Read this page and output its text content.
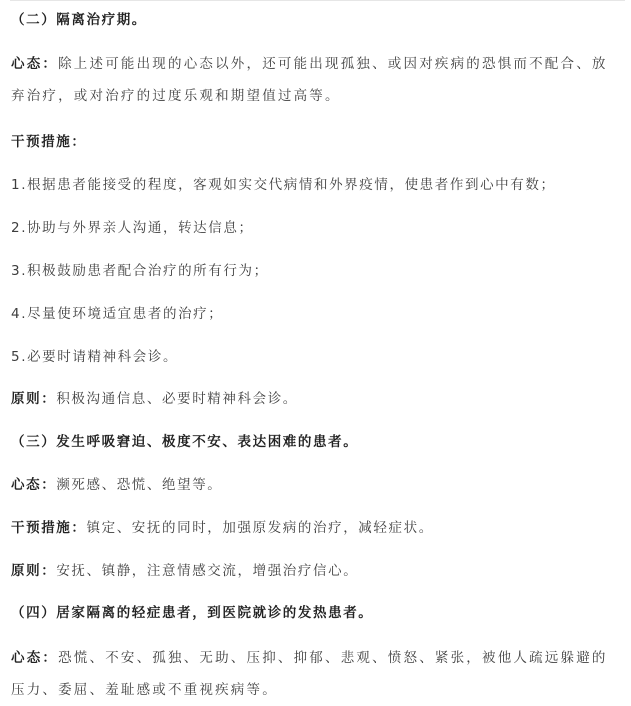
（二）隔离治疗期。
心态：除上述可能出现的心态以外，还可能出现孤独、或因对疾病的恐惧而不配合、放弃治疗，或对治疗的过度乐观和期望值过高等。
干预措施：
1.根据患者能接受的程度，客观如实交代病情和外界疫情，使患者作到心中有数；
2.协助与外界亲人沟通，转达信息；
3.积极鼓励患者配合治疗的所有行为；
4.尽量使环境适宜患者的治疗；
5.必要时请精神科会诊。
原则：积极沟通信息、必要时精神科会诊。
（三）发生呼吸窘迫、极度不安、表达困难的患者。
心态：濒死感、恐慌、绝望等。
干预措施：镇定、安抚的同时，加强原发病的治疗，减轻症状。
原则：安抚、镇静，注意情感交流，增强治疗信心。
（四）居家隔离的轻症患者，到医院就诊的发热患者。
心态：恐慌、不安、孤独、无助、压抑、抑郁、悲观、愤怒、紧张，被他人疏远躲避的压力、委屈、羞耻感或不重视疾病等。
